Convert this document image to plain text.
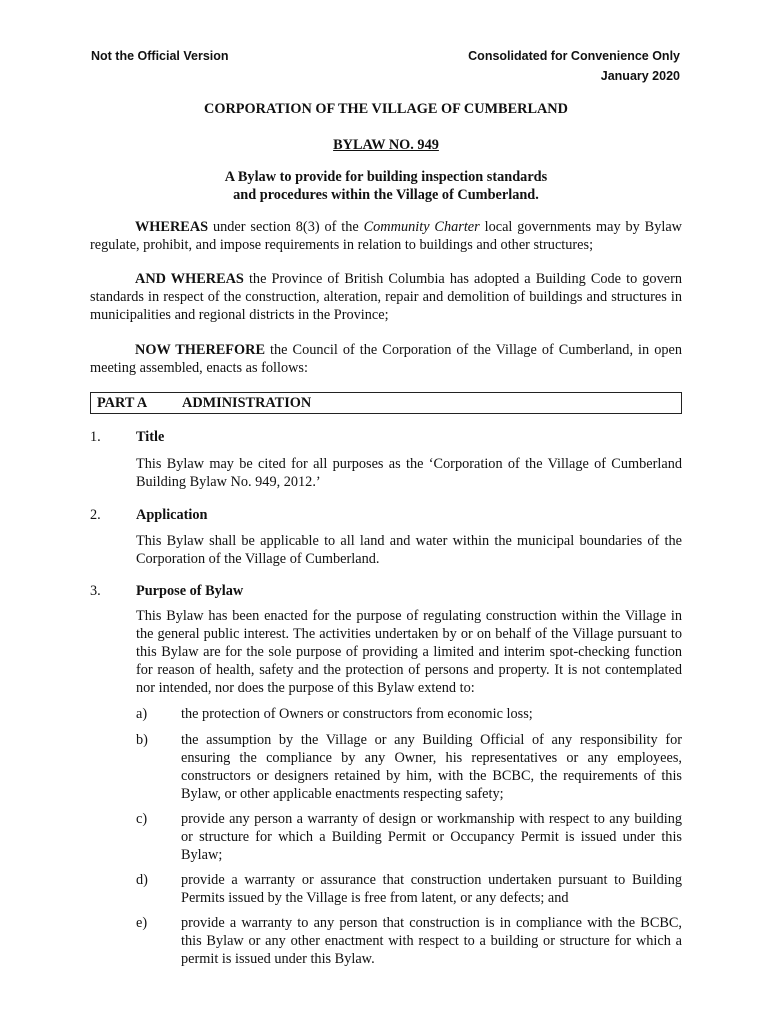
Not the Official Version	Consolidated for Convenience Only
January 2020
CORPORATION OF THE VILLAGE OF CUMBERLAND
BYLAW NO. 949
A Bylaw to provide for building inspection standards
and procedures within the Village of Cumberland.

WHEREAS under section 8(3) of the Community Charter local governments may by Bylaw regulate, prohibit, and impose requirements in relation to buildings and other structures;

AND WHEREAS the Province of British Columbia has adopted a Building Code to govern standards in respect of the construction, alteration, repair and demolition of buildings and structures in municipalities and regional districts in the Province;

NOW THEREFORE the Council of the Corporation of the Village of Cumberland, in open meeting assembled, enacts as follows:

PART A ADMINISTRATION
1. Title

This Bylaw may be cited for all purposes as the ‘Corporation of the Village of Cumberland Building Bylaw No. 949, 2012.’

2. Application

This Bylaw shall be applicable to all land and water within the municipal boundaries of the Corporation of the Village of Cumberland.

3. Purpose of Bylaw

This Bylaw has been enacted for the purpose of regulating construction within the Village in the general public interest. The activities undertaken by or on behalf of the Village pursuant to this Bylaw are for the sole purpose of providing a limited and interim spot-checking function for reason of health, safety and the protection of persons and property. It is not contemplated nor intended, nor does the purpose of this Bylaw extend to:

a) the protection of Owners or constructors from economic loss;

b) the assumption by the Village or any Building Official of any responsibility for ensuring the compliance by any Owner, his representatives or any employees, constructors or designers retained by him, with the BCBC, the requirements of this Bylaw, or other applicable enactments respecting safety;

c) provide any person a warranty of design or workmanship with respect to any building or structure for which a Building Permit or Occupancy Permit is issued under this Bylaw;

d) provide a warranty or assurance that construction undertaken pursuant to Building Permits issued by the Village is free from latent, or any defects; and

e) provide a warranty to any person that construction is in compliance with the BCBC, this Bylaw or any other enactment with respect to a building or structure for which a permit is issued under this Bylaw.
